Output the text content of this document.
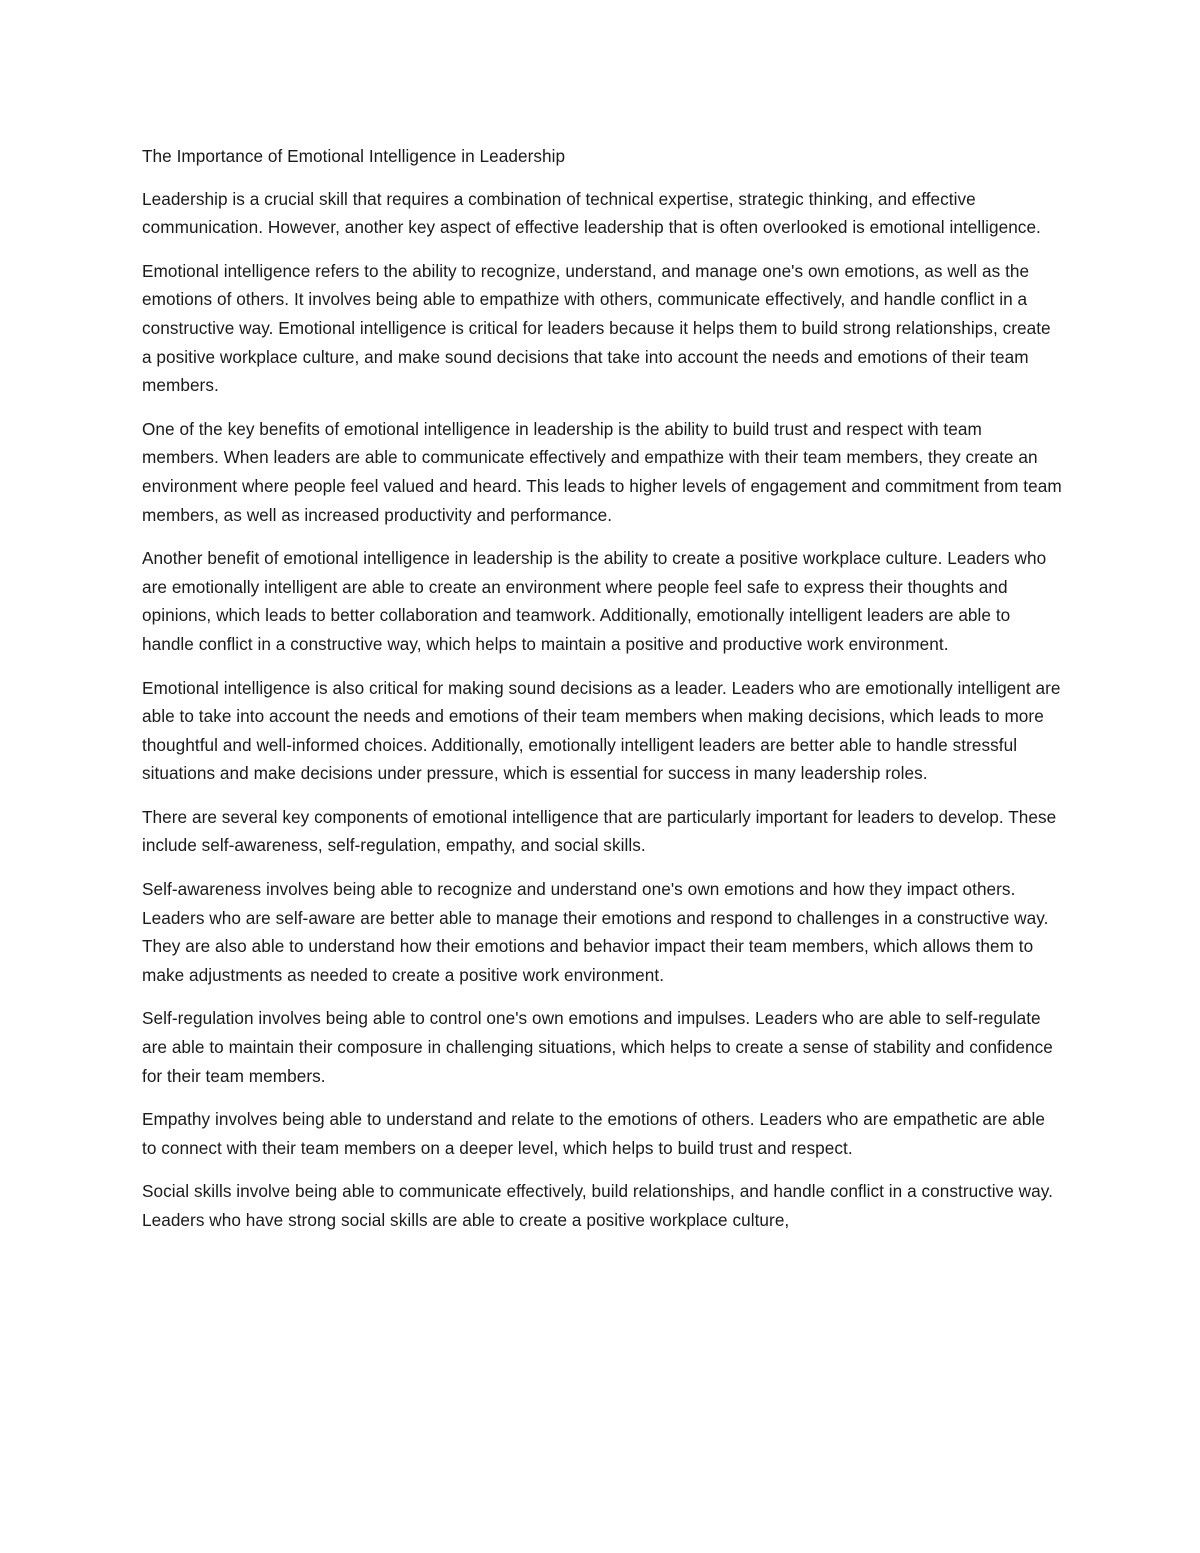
The Importance of Emotional Intelligence in Leadership

Leadership is a crucial skill that requires a combination of technical expertise, strategic thinking, and effective communication. However, another key aspect of effective leadership that is often overlooked is emotional intelligence.

Emotional intelligence refers to the ability to recognize, understand, and manage one's own emotions, as well as the emotions of others. It involves being able to empathize with others, communicate effectively, and handle conflict in a constructive way. Emotional intelligence is critical for leaders because it helps them to build strong relationships, create a positive workplace culture, and make sound decisions that take into account the needs and emotions of their team members.

One of the key benefits of emotional intelligence in leadership is the ability to build trust and respect with team members. When leaders are able to communicate effectively and empathize with their team members, they create an environment where people feel valued and heard. This leads to higher levels of engagement and commitment from team members, as well as increased productivity and performance.

Another benefit of emotional intelligence in leadership is the ability to create a positive workplace culture. Leaders who are emotionally intelligent are able to create an environment where people feel safe to express their thoughts and opinions, which leads to better collaboration and teamwork. Additionally, emotionally intelligent leaders are able to handle conflict in a constructive way, which helps to maintain a positive and productive work environment.

Emotional intelligence is also critical for making sound decisions as a leader. Leaders who are emotionally intelligent are able to take into account the needs and emotions of their team members when making decisions, which leads to more thoughtful and well-informed choices. Additionally, emotionally intelligent leaders are better able to handle stressful situations and make decisions under pressure, which is essential for success in many leadership roles.

There are several key components of emotional intelligence that are particularly important for leaders to develop. These include self-awareness, self-regulation, empathy, and social skills.

Self-awareness involves being able to recognize and understand one's own emotions and how they impact others. Leaders who are self-aware are better able to manage their emotions and respond to challenges in a constructive way. They are also able to understand how their emotions and behavior impact their team members, which allows them to make adjustments as needed to create a positive work environment.

Self-regulation involves being able to control one's own emotions and impulses. Leaders who are able to self-regulate are able to maintain their composure in challenging situations, which helps to create a sense of stability and confidence for their team members.

Empathy involves being able to understand and relate to the emotions of others. Leaders who are empathetic are able to connect with their team members on a deeper level, which helps to build trust and respect.

Social skills involve being able to communicate effectively, build relationships, and handle conflict in a constructive way. Leaders who have strong social skills are able to create a positive workplace culture,
